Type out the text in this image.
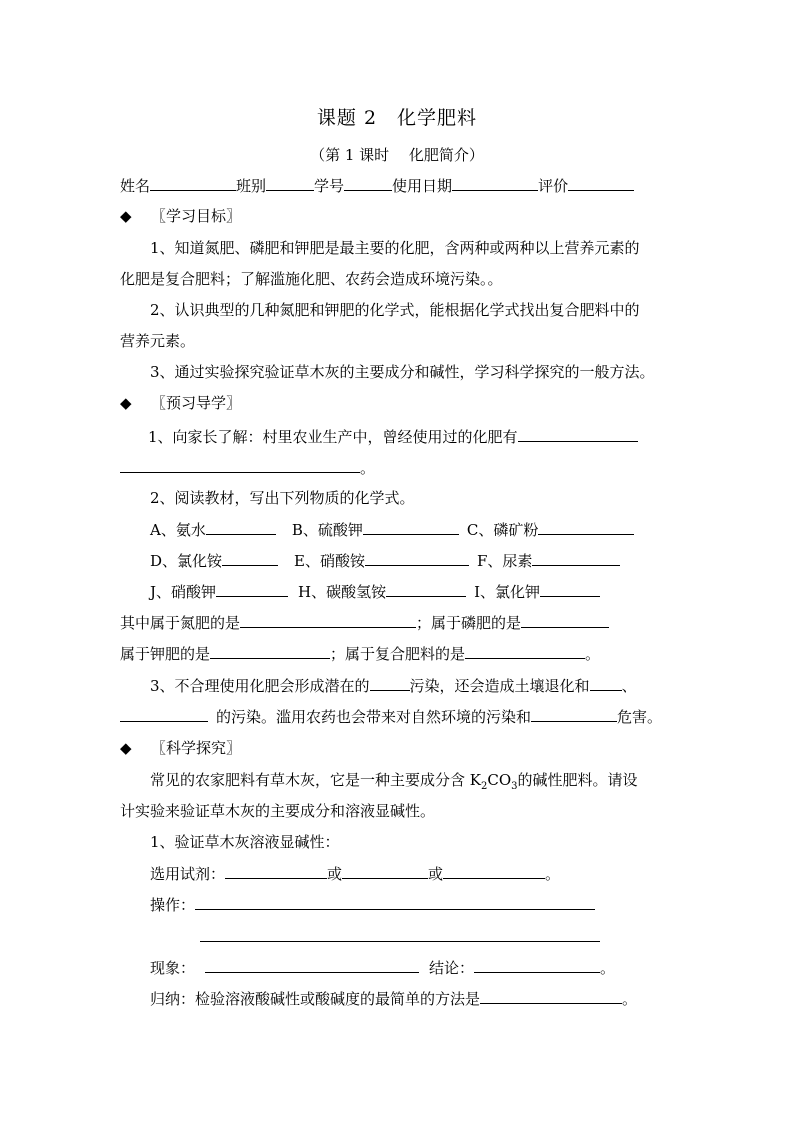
课题 2　化学肥料
（第 1 课时　 化肥简介）
姓名	班别	学号	使用日期	评价
◆ 〖学习目标〗
1、知道氮肥、磷肥和钾肥是最主要的化肥，含两种或两种以上营养元素的
化肥是复合肥料；了解滥施化肥、农药会造成环境污染。。
2、认识典型的几种氮肥和钾肥的化学式，能根据化学式找出复合肥料中的
营养元素。
3、通过实验探究验证草木灰的主要成分和碱性，学习科学探究的一般方法。
◆ 〖预习导学〗
1、向家长了解：村里农业生产中，曾经使用过的化肥有
。
2、阅读教材，写出下列物质的化学式。
A、氨水	B、硫酸钾	C、磷矿粉
D、氯化铵	E、硝酸铵	F、尿素
J、硝酸钾	H、碳酸氢铵	I、氯化钾
其中属于氮肥的是	；属于磷肥的是
属于钾肥的是	；属于复合肥料的是	。
3、不合理使用化肥会形成潜在的	污染，还会造成土壤退化和 、
的污染。滥用农药也会带来对自然环境的污染和	危害。
◆ 〖科学探究〗
常见的农家肥料有草木灰，它是一种主要成分含 $K_2CO_3$的碱性肥料。请设
计实验来验证草木灰的主要成分和溶液显碱性。
1、验证草木灰溶液显碱性：
选用试剂：	或	或	。
操作：
现象：	结论：	。
归纳：检验溶液酸碱性或酸碱度的最简单的方法是	。
